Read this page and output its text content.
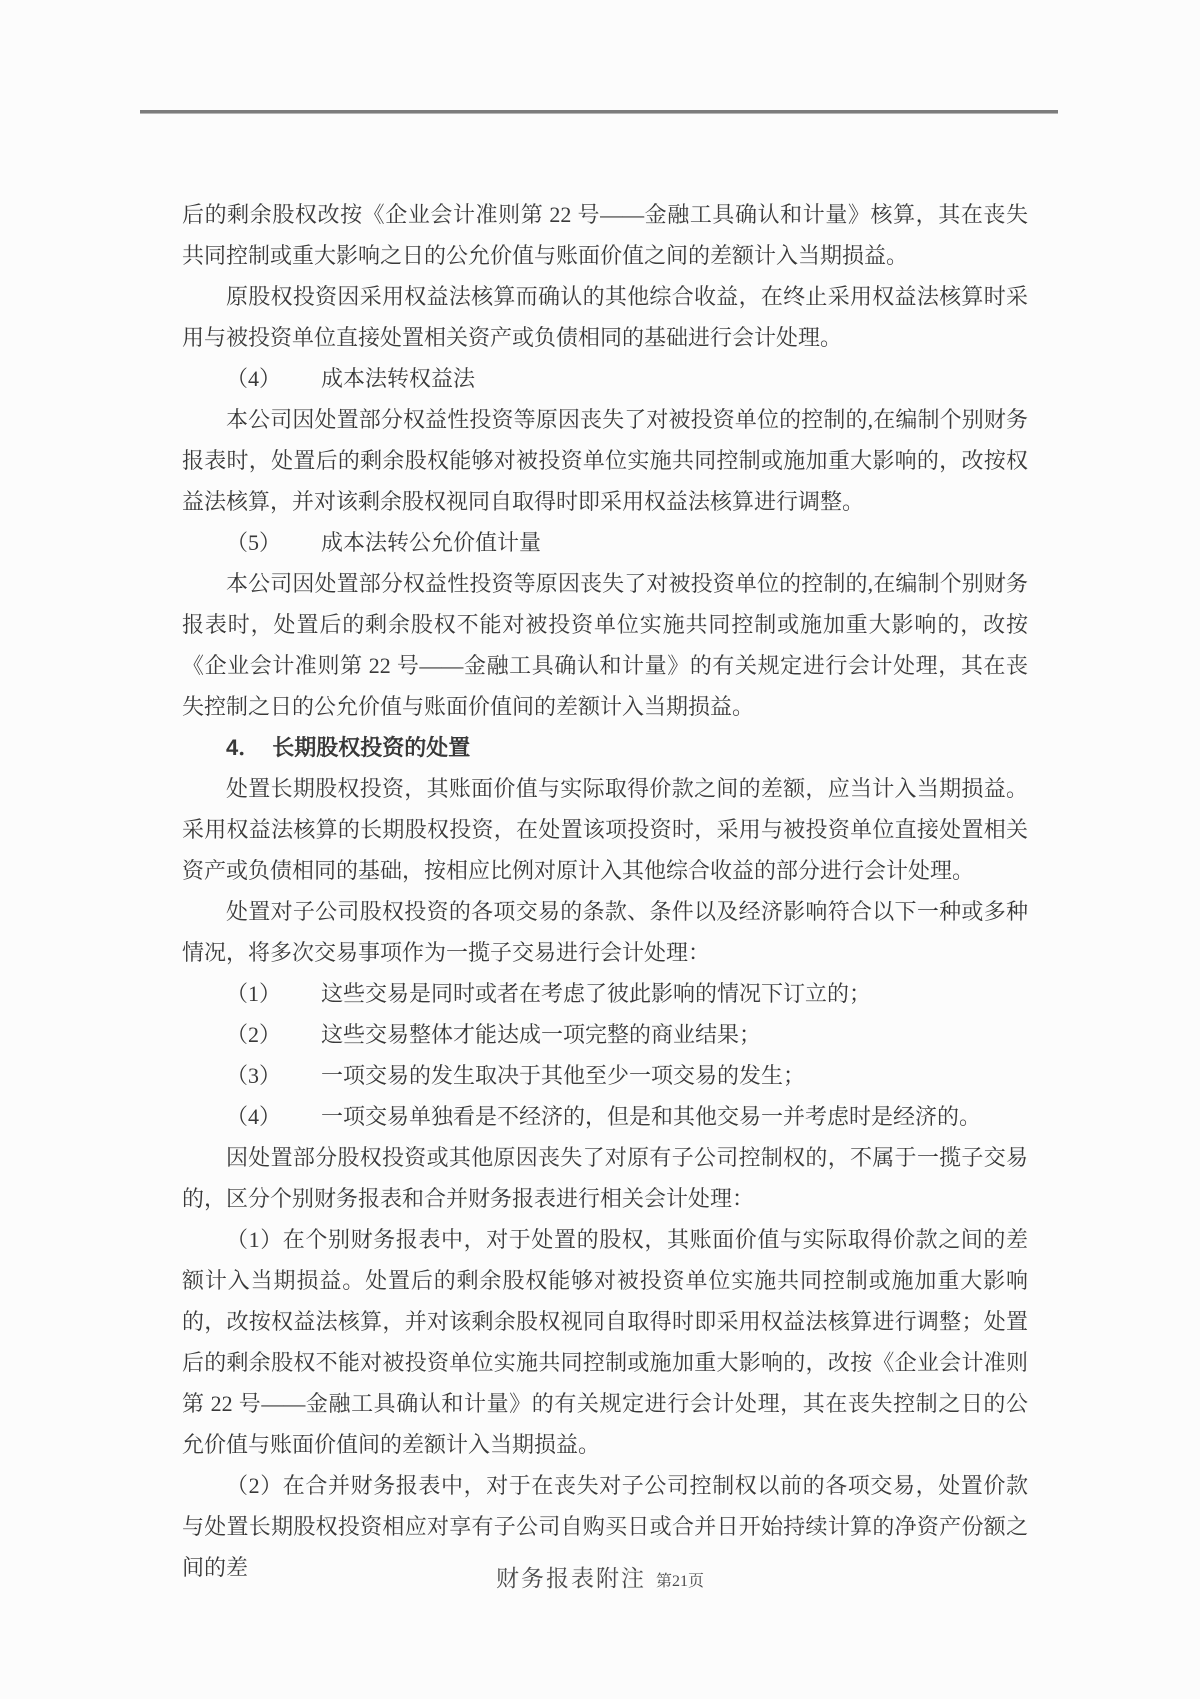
后的剩余股权改按《企业会计准则第 22 号——金融工具确认和计量》核算，其在丧失共同控制或重大影响之日的公允价值与账面价值之间的差额计入当期损益。

原股权投资因采用权益法核算而确认的其他综合收益，在终止采用权益法核算时采用与被投资单位直接处置相关资产或负债相同的基础进行会计处理。

（4） 成本法转权益法

本公司因处置部分权益性投资等原因丧失了对被投资单位的控制的,在编制个别财务报表时，处置后的剩余股权能够对被投资单位实施共同控制或施加重大影响的，改按权益法核算，并对该剩余股权视同自取得时即采用权益法核算进行调整。

（5） 成本法转公允价值计量

本公司因处置部分权益性投资等原因丧失了对被投资单位的控制的,在编制个别财务报表时，处置后的剩余股权不能对被投资单位实施共同控制或施加重大影响的，改按《企业会计准则第 22 号——金融工具确认和计量》的有关规定进行会计处理，其在丧失控制之日的公允价值与账面价值间的差额计入当期损益。

4． 长期股权投资的处置

处置长期股权投资，其账面价值与实际取得价款之间的差额，应当计入当期损益。采用权益法核算的长期股权投资，在处置该项投资时，采用与被投资单位直接处置相关资产或负债相同的基础，按相应比例对原计入其他综合收益的部分进行会计处理。

处置对子公司股权投资的各项交易的条款、条件以及经济影响符合以下一种或多种情况，将多次交易事项作为一揽子交易进行会计处理：

（1） 这些交易是同时或者在考虑了彼此影响的情况下订立的；

（2） 这些交易整体才能达成一项完整的商业结果；

（3） 一项交易的发生取决于其他至少一项交易的发生；

（4） 一项交易单独看是不经济的，但是和其他交易一并考虑时是经济的。

因处置部分股权投资或其他原因丧失了对原有子公司控制权的，不属于一揽子交易的，区分个别财务报表和合并财务报表进行相关会计处理：

（1）在个别财务报表中，对于处置的股权，其账面价值与实际取得价款之间的差额计入当期损益。处置后的剩余股权能够对被投资单位实施共同控制或施加重大影响的，改按权益法核算，并对该剩余股权视同自取得时即采用权益法核算进行调整；处置后的剩余股权不能对被投资单位实施共同控制或施加重大影响的，改按《企业会计准则第 22 号——金融工具确认和计量》的有关规定进行会计处理，其在丧失控制之日的公允价值与账面价值间的差额计入当期损益。

（2）在合并财务报表中，对于在丧失对子公司控制权以前的各项交易，处置价款与处置长期股权投资相应对享有子公司自购买日或合并日开始持续计算的净资产份额之间的差	财务报表附注 第21页
